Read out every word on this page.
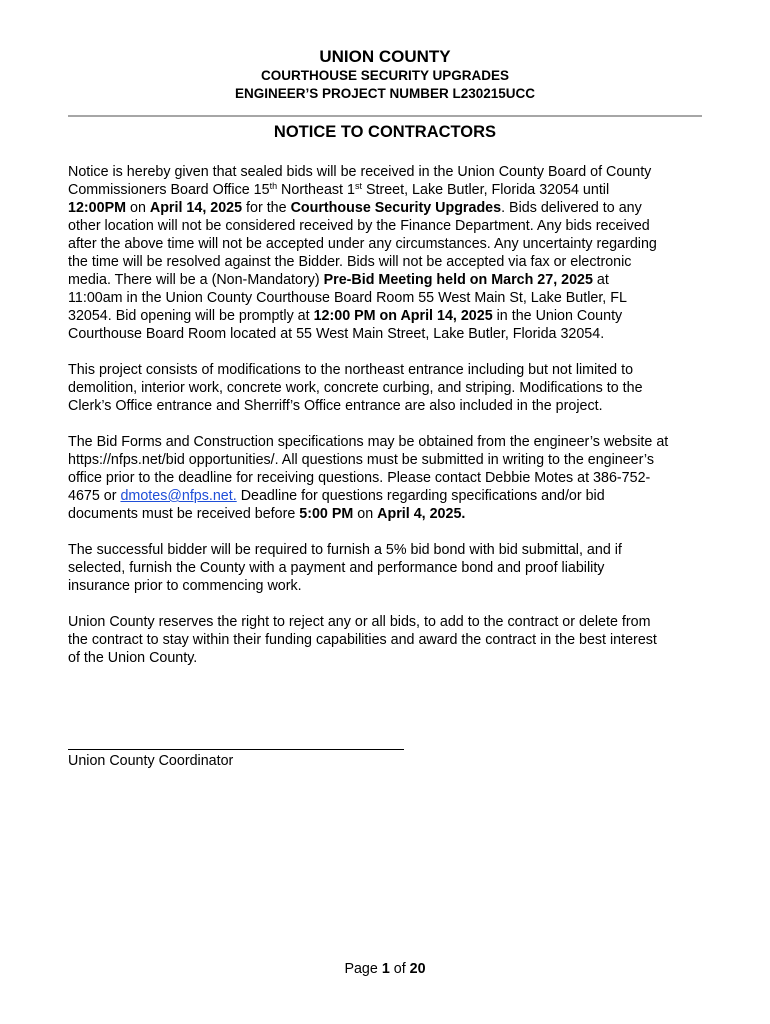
UNION COUNTY
COURTHOUSE SECURITY UPGRADES
ENGINEER’S PROJECT NUMBER L230215UCC
NOTICE TO CONTRACTORS
Notice is hereby given that sealed bids will be received in the Union County Board of County
Commissioners Board Office 15th Northeast 1st Street, Lake Butler, Florida 32054 until
12:00PM on April 14, 2025 for the Courthouse Security Upgrades. Bids delivered to any
other location will not be considered received by the Finance Department. Any bids received
after the above time will not be accepted under any circumstances. Any uncertainty regarding
the time will be resolved against the Bidder. Bids will not be accepted via fax or electronic
media. There will be a (Non-Mandatory) Pre-Bid Meeting held on March 27, 2025 at
11:00am in the Union County Courthouse Board Room 55 West Main St, Lake Butler, FL
32054. Bid opening will be promptly at 12:00 PM on April 14, 2025 in the Union County
Courthouse Board Room located at 55 West Main Street, Lake Butler, Florida 32054.
This project consists of modifications to the northeast entrance including but not limited to
demolition, interior work, concrete work, concrete curbing, and striping. Modifications to the
Clerk’s Office entrance and Sherriff’s Office entrance are also included in the project.
The Bid Forms and Construction specifications may be obtained from the engineer’s website at
https://nfps.net/bid opportunities/. All questions must be submitted in writing to the engineer’s
office prior to the deadline for receiving questions. Please contact Debbie Motes at 386-752-
4675 or dmotes@nfps.net. Deadline for questions regarding specifications and/or bid
documents must be received before 5:00 PM on April 4, 2025.
The successful bidder will be required to furnish a 5% bid bond with bid submittal, and if
selected, furnish the County with a payment and performance bond and proof liability
insurance prior to commencing work.
Union County reserves the right to reject any or all bids, to add to the contract or delete from
the contract to stay within their funding capabilities and award the contract in the best interest
of the Union County.
Union County Coordinator
Page 1 of 20
